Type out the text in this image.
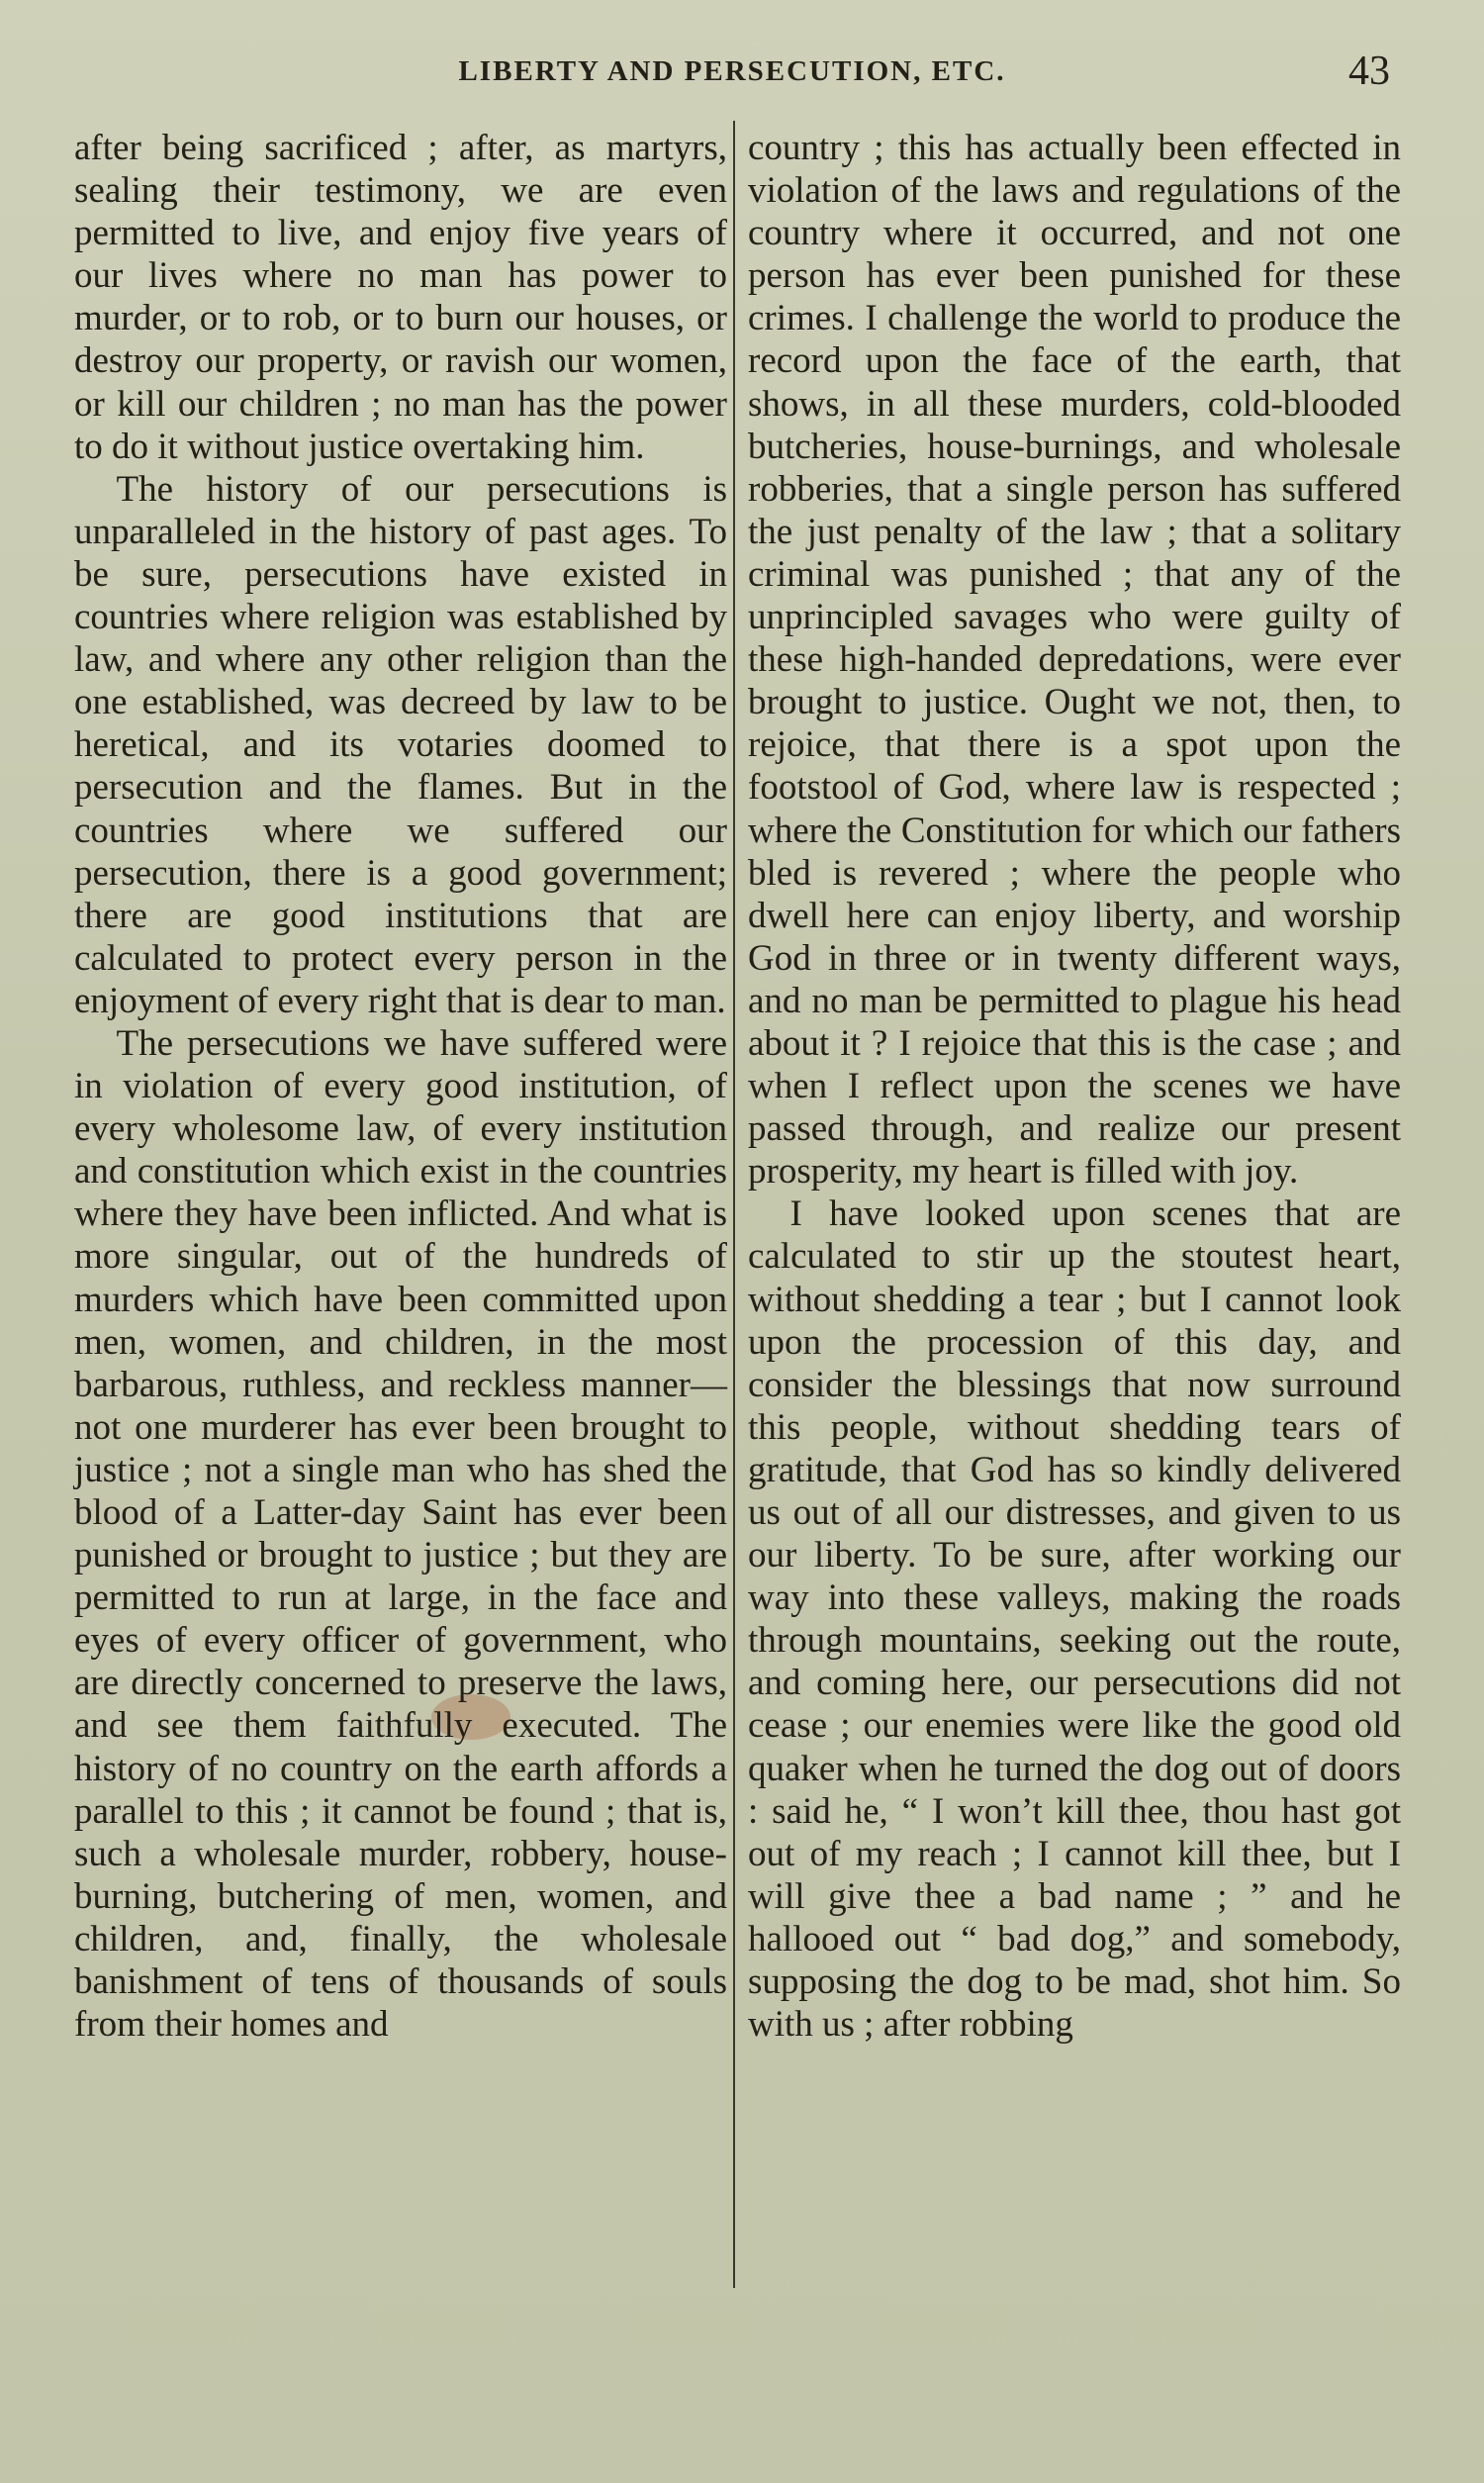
LIBERTY AND PERSECUTION, ETC.	43

after being sacrificed ; after, as martyrs, sealing their testimony, we are even permitted to live, and enjoy five years of our lives where no man has power to murder, or to rob, or to burn our houses, or destroy our property, or ravish our women, or kill our children ; no man has the power to do it without justice overtaking him.

The history of our persecutions is unparalleled in the history of past ages. To be sure, persecutions have existed in countries where religion was established by law, and where any other religion than the one established, was decreed by law to be heretical, and its votaries doomed to persecution and the flames. But in the countries where we suffered our persecution, there is a good government; there are good institutions that are calculated to protect every person in the enjoyment of every right that is dear to man.

The persecutions we have suffered were in violation of every good institution, of every wholesome law, of every institution and constitution which exist in the countries where they have been inflicted. And what is more singular, out of the hundreds of murders which have been committed upon men, women, and children, in the most barbarous, ruthless, and reckless manner—not one murderer has ever been brought to justice ; not a single man who has shed the blood of a Latter-day Saint has ever been punished or brought to justice ; but they are permitted to run at large, in the face and eyes of every officer of government, who are directly concerned to preserve the laws, and see them faithfully executed. The history of no country on the earth affords a parallel to this ; it cannot be found ; that is, such a wholesale murder, robbery, house-burning, butchering of men, women, and children, and, finally, the wholesale banishment of tens of thousands of souls from their homes and

country ; this has actually been effected in violation of the laws and regulations of the country where it occurred, and not one person has ever been punished for these crimes. I challenge the world to produce the record upon the face of the earth, that shows, in all these murders, cold-blooded butcheries, house-burnings, and wholesale robberies, that a single person has suffered the just penalty of the law ; that a solitary criminal was punished ; that any of the unprincipled savages who were guilty of these high-handed depredations, were ever brought to justice. Ought we not, then, to rejoice, that there is a spot upon the footstool of God, where law is respected ; where the Constitution for which our fathers bled is revered ; where the people who dwell here can enjoy liberty, and worship God in three or in twenty different ways, and no man be permitted to plague his head about it ? I rejoice that this is the case ; and when I reflect upon the scenes we have passed through, and realize our present prosperity, my heart is filled with joy.

I have looked upon scenes that are calculated to stir up the stoutest heart, without shedding a tear ; but I cannot look upon the procession of this day, and consider the blessings that now surround this people, without shedding tears of gratitude, that God has so kindly delivered us out of all our distresses, and given to us our liberty. To be sure, after working our way into these valleys, making the roads through mountains, seeking out the route, and coming here, our persecutions did not cease ; our enemies were like the good old quaker when he turned the dog out of doors : said he, “ I won’t kill thee, thou hast got out of my reach ; I cannot kill thee, but I will give thee a bad name ; ” and he hallooed out “ bad dog,” and somebody, supposing the dog to be mad, shot him. So with us ; after robbing
